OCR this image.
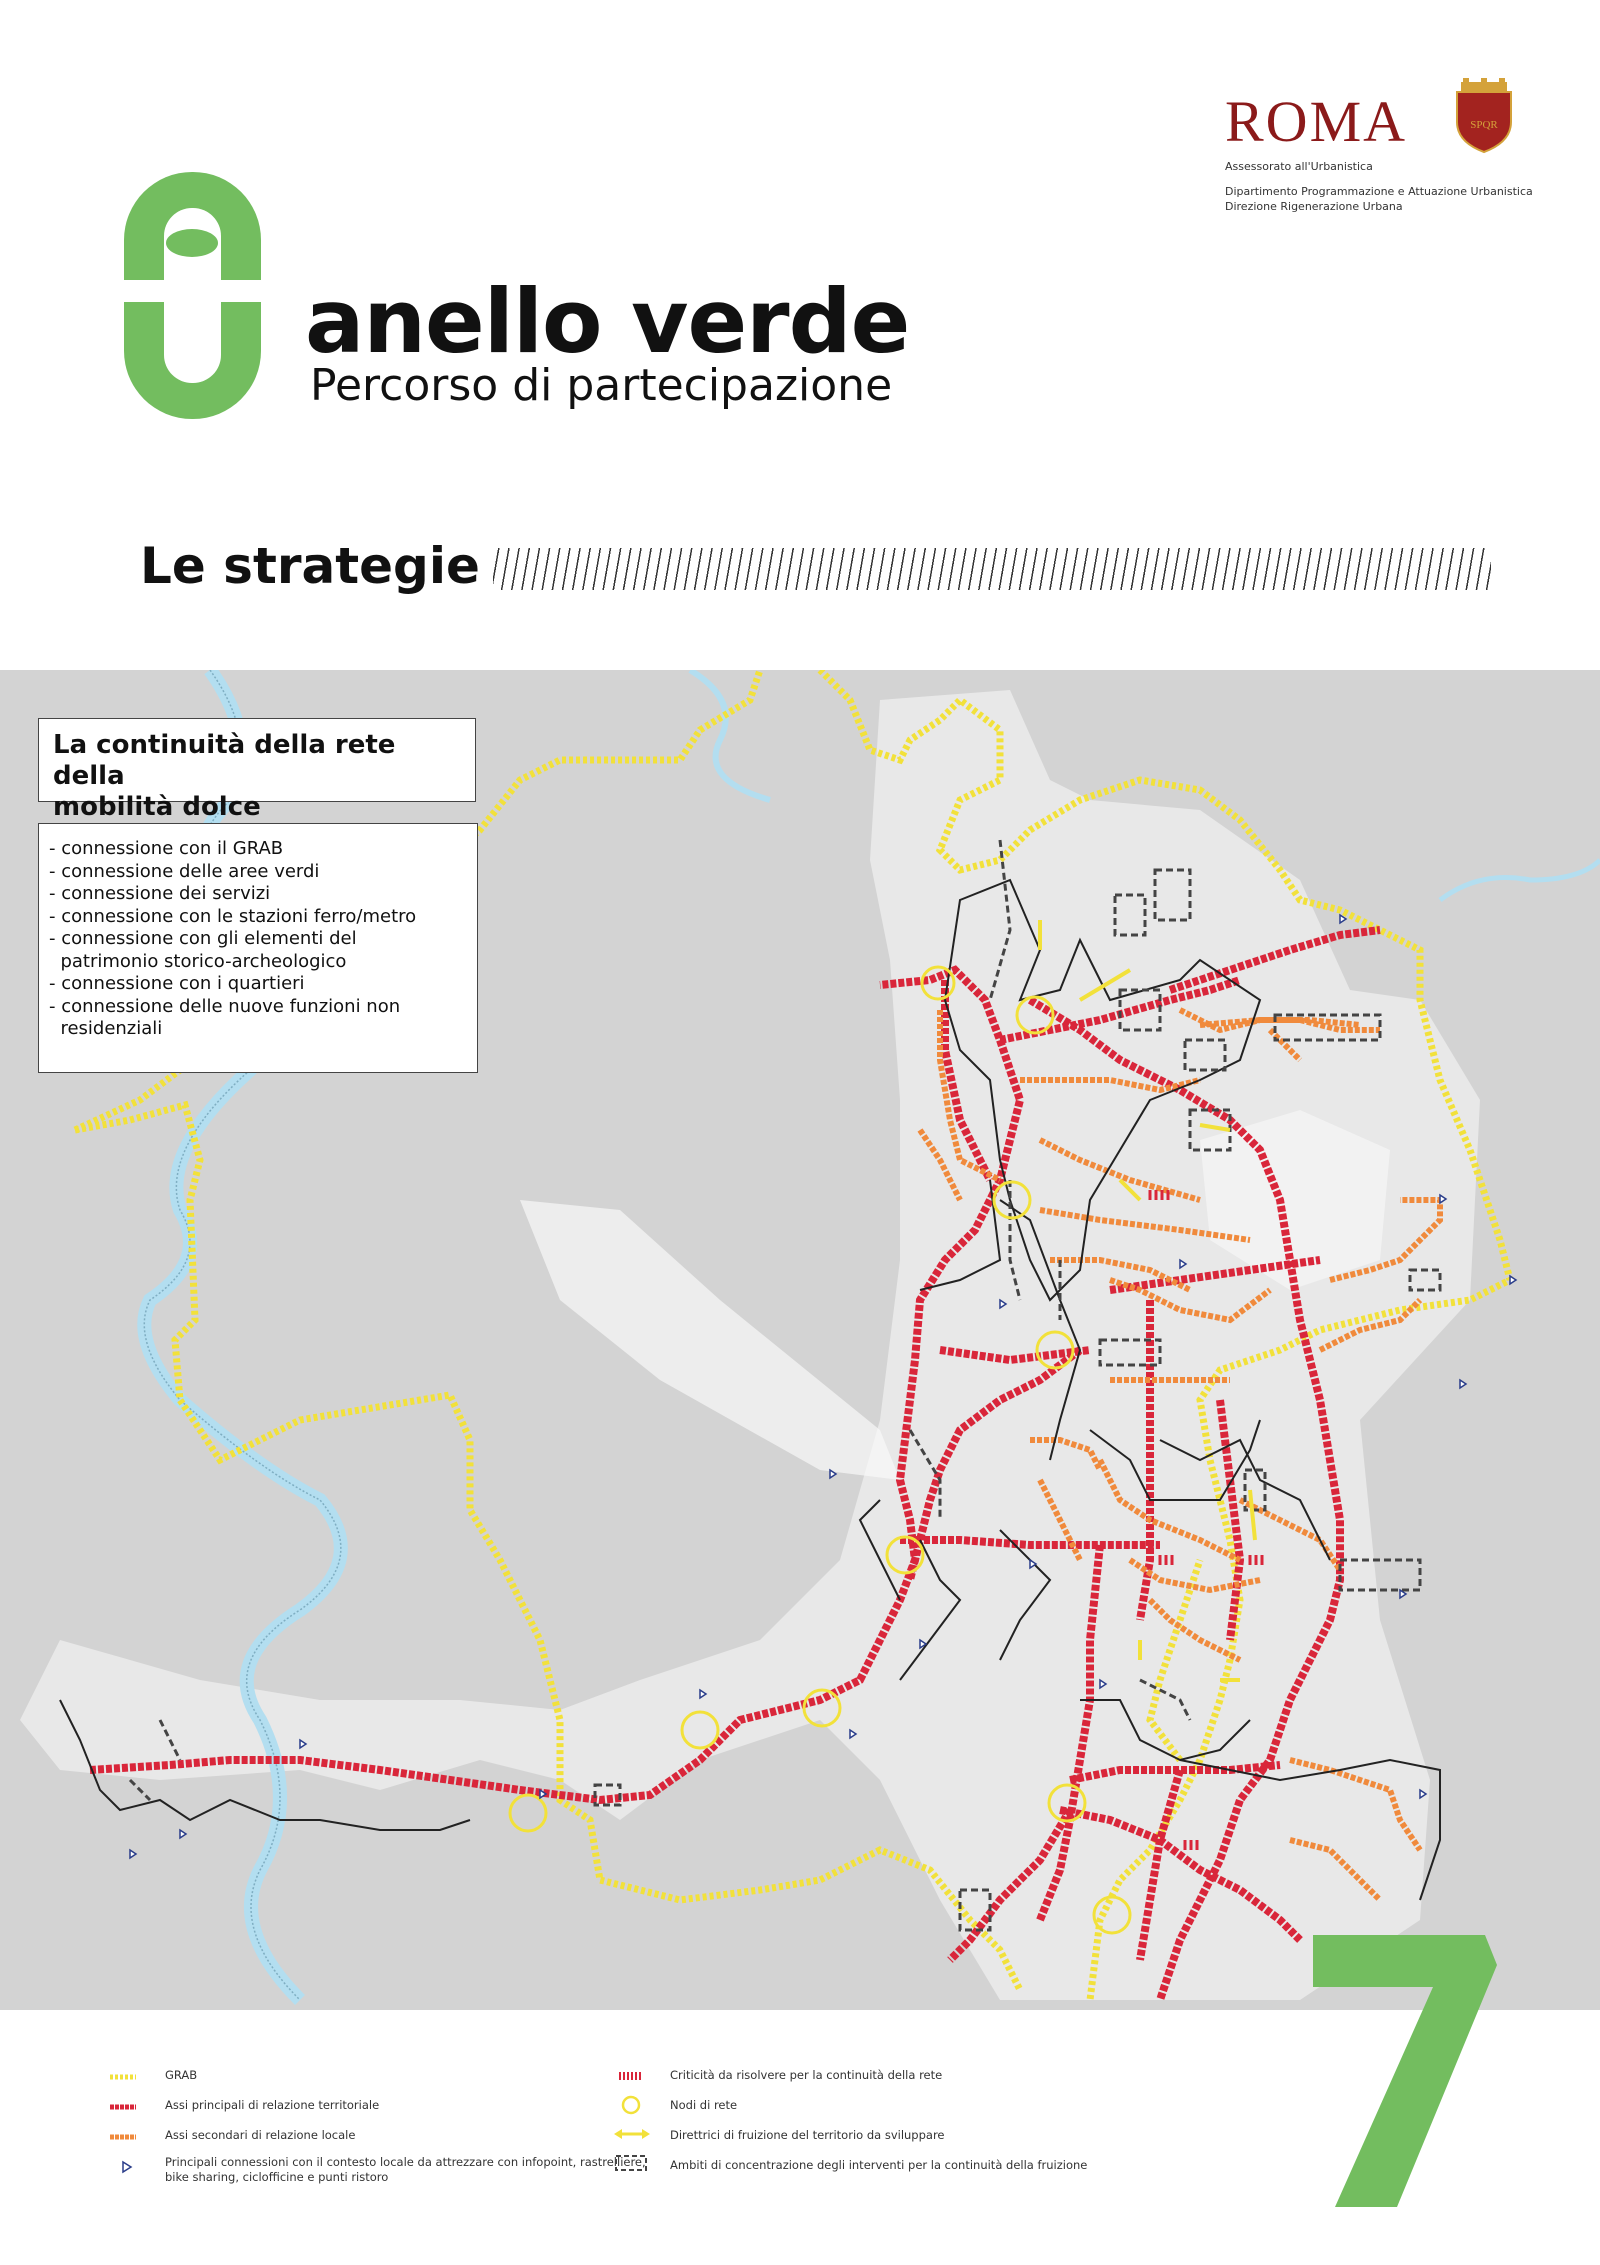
ROMA	SPQR
Assessorato all'Urbanistica
Dipartimento Programmazione e Attuazione Urbanistica
Direzione Rigenerazione Urbana
anello verde
Percorso di partecipazione
Le strategie
La continuità della rete della
mobilità dolce
- connessione con il GRAB
- connessione delle aree verdi
- connessione dei servizi
- connessione con le stazioni ferro/metro
- connessione con gli elementi del
patrimonio storico-archeologico
- connessione con i quartieri
- connessione delle nuove funzioni non
residenziali
GRAB
Assi principali di relazione territoriale
Assi secondari di relazione locale
Principali connessioni con il contesto locale da attrezzare con infopoint, rastrelliere,
bike sharing, ciclofficine e punti ristoro
Criticità da risolvere per la continuità della rete
Nodi di rete
Direttrici di fruizione del territorio da sviluppare
Ambiti di concentrazione degli interventi per la continuità della fruizione
